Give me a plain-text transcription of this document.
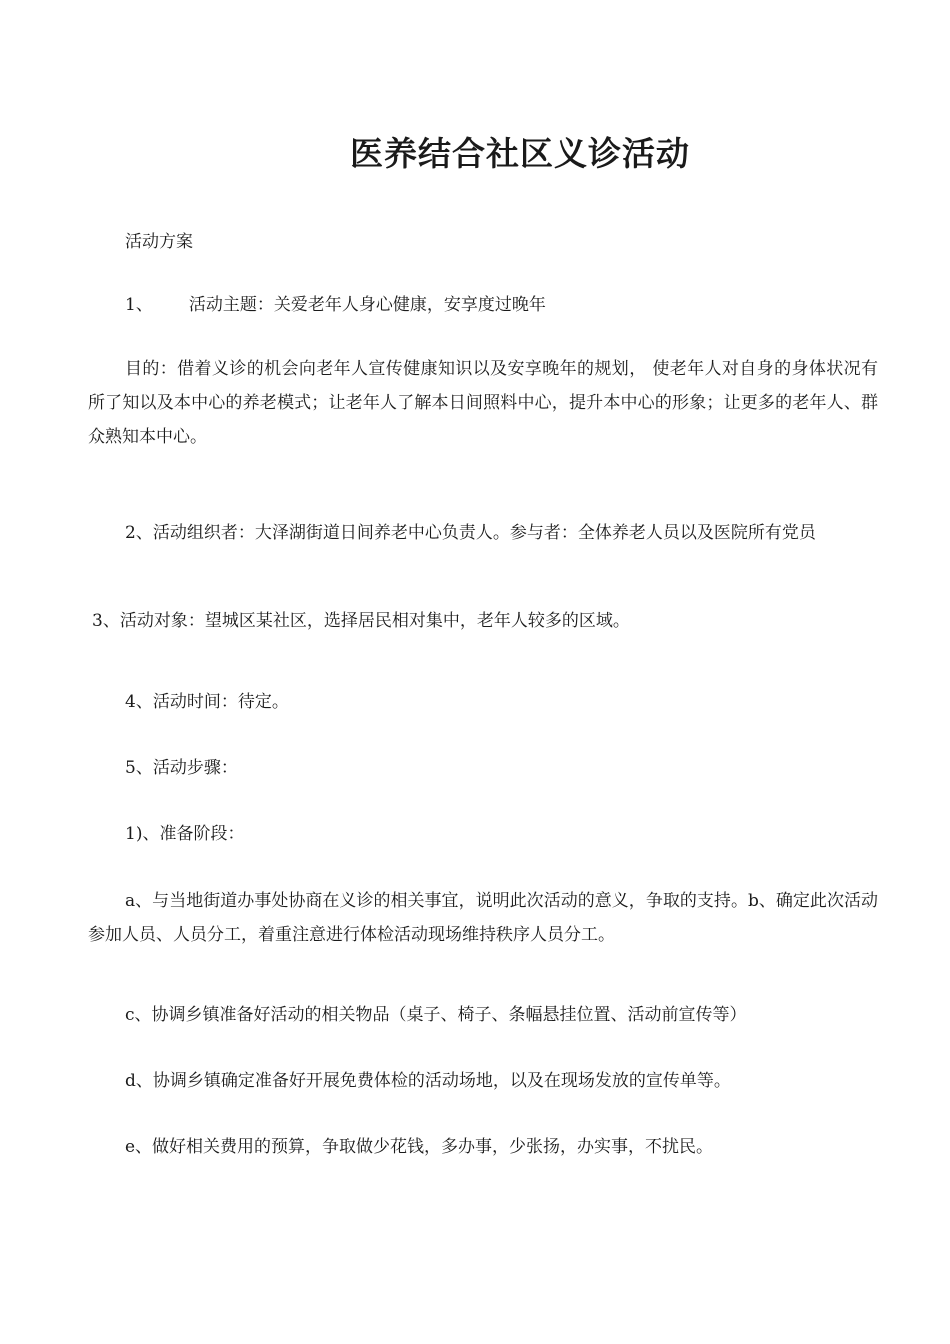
医养结合社区义诊活动
活动方案
1、 活动主题：关爱老年人身心健康，安享度过晚年
目的：借着义诊的机会向老年人宣传健康知识以及安享晚年的规划， 使老年人对自身的身体状况有所了知以及本中心的养老模式；让老年人了解本日间照料中心，提升本中心的形象；让更多的老年人、群众熟知本中心。
2、活动组织者：大泽湖街道日间养老中心负责人。参与者：全体养老人员以及医院所有党员
3、活动对象：望城区某社区，选择居民相对集中，老年人较多的区域。
4、活动时间：待定。
5、活动步骤：
1)、准备阶段：
a、与当地街道办事处协商在义诊的相关事宜，说明此次活动的意义，争取的支持。b、确定此次活动参加人员、人员分工，着重注意进行体检活动现场维持秩序人员分工。
c、协调乡镇准备好活动的相关物品（桌子、椅子、条幅悬挂位置、活动前宣传等）
d、协调乡镇确定准备好开展免费体检的活动场地，以及在现场发放的宣传单等。
e、做好相关费用的预算，争取做少花钱，多办事，少张扬，办实事，不扰民。
